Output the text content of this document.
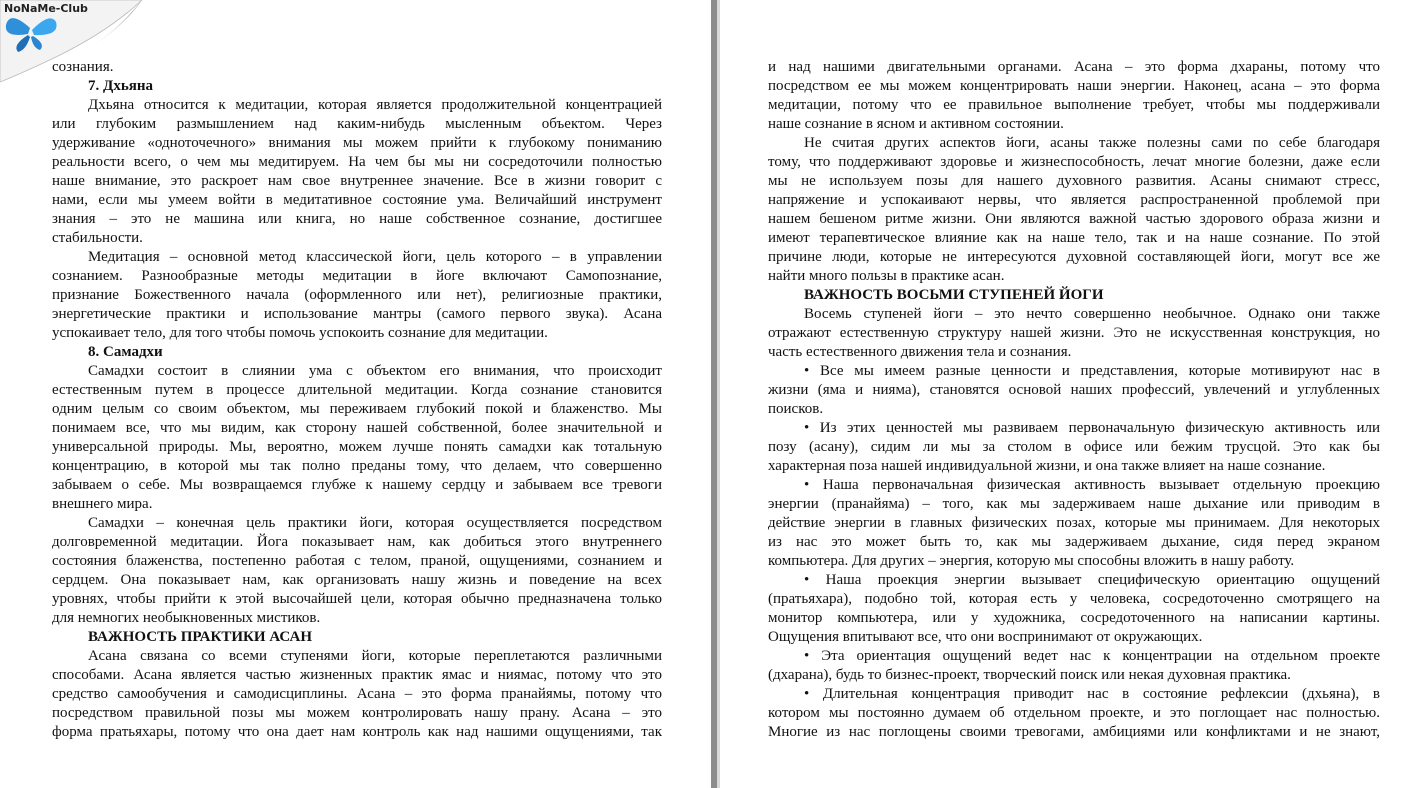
NoNaMe-Club
сознания.
7. Дхьяна
Дхьяна относится к медитации, которая является продолжительной концентрацией
или глубоким размышлением над каким-нибудь мысленным объектом. Через
удерживание «одноточечного» внимания мы можем прийти к глубокому пониманию
реальности всего, о чем мы медитируем. На чем бы мы ни сосредоточили полностью
наше внимание, это раскроет нам свое внутреннее значение. Все в жизни говорит с
нами, если мы умеем войти в медитативное состояние ума. Величайший инструмент
знания – это не машина или книга, но наше собственное сознание, достигшее
стабильности.
Медитация – основной метод классической йоги, цель которого – в управлении
сознанием. Разнообразные методы медитации в йоге включают Самопознание,
признание Божественного начала (оформленного или нет), религиозные практики,
энергетические практики и использование мантры (самого первого звука). Асана
успокаивает тело, для того чтобы помочь успокоить сознание для медитации.
8. Самадхи
Самадхи состоит в слиянии ума с объектом его внимания, что происходит
естественным путем в процессе длительной медитации. Когда сознание становится
одним целым со своим объектом, мы переживаем глубокий покой и блаженство. Мы
понимаем все, что мы видим, как сторону нашей собственной, более значительной и
универсальной природы. Мы, вероятно, можем лучше понять самадхи как тотальную
концентрацию, в которой мы так полно преданы тому, что делаем, что совершенно
забываем о себе. Мы возвращаемся глубже к нашему сердцу и забываем все тревоги
внешнего мира.
Самадхи – конечная цель практики йоги, которая осуществляется посредством
долговременной медитации. Йога показывает нам, как добиться этого внутреннего
состояния блаженства, постепенно работая с телом, праной, ощущениями, сознанием и
сердцем. Она показывает нам, как организовать нашу жизнь и поведение на всех
уровнях, чтобы прийти к этой высочайшей цели, которая обычно предназначена только
для немногих необыкновенных мистиков.
ВАЖНОСТЬ ПРАКТИКИ АСАН
Асана связана со всеми ступенями йоги, которые переплетаются различными
способами. Асана является частью жизненных практик ямас и ниямас, потому что это
средство самообучения и самодисциплины. Асана – это форма пранайямы, потому что
посредством правильной позы мы можем контролировать нашу прану. Асана – это
форма пратьяхары, потому что она дает нам контроль как над нашими ощущениями, так
и над нашими двигательными органами. Асана – это форма дхараны, потому что
посредством ее мы можем концентрировать наши энергии. Наконец, асана – это форма
медитации, потому что ее правильное выполнение требует, чтобы мы поддерживали
наше сознание в ясном и активном состоянии.
Не считая других аспектов йоги, асаны также полезны сами по себе благодаря
тому, что поддерживают здоровье и жизнеспособность, лечат многие болезни, даже если
мы не используем позы для нашего духовного развития. Асаны снимают стресс,
напряжение и успокаивают нервы, что является распространенной проблемой при
нашем бешеном ритме жизни. Они являются важной частью здорового образа жизни и
имеют терапевтическое влияние как на наше тело, так и на наше сознание. По этой
причине люди, которые не интересуются духовной составляющей йоги, могут все же
найти много пользы в практике асан.
ВАЖНОСТЬ ВОСЬМИ СТУПЕНЕЙ ЙОГИ
Восемь ступеней йоги – это нечто совершенно необычное. Однако они также
отражают естественную структуру нашей жизни. Это не искусственная конструкция, но
часть естественного движения тела и сознания.
• Все мы имеем разные ценности и представления, которые мотивируют нас в
жизни (яма и нияма), становятся основой наших профессий, увлечений и углубленных
поисков.
• Из этих ценностей мы развиваем первоначальную физическую активность или
позу (асану), сидим ли мы за столом в офисе или бежим трусцой. Это как бы
характерная поза нашей индивидуальной жизни, и она также влияет на наше сознание.
• Наша первоначальная физическая активность вызывает отдельную проекцию
энергии (пранайяма) – того, как мы задерживаем наше дыхание или приводим в
действие энергии в главных физических позах, которые мы принимаем. Для некоторых
из нас это может быть то, как мы задерживаем дыхание, сидя перед экраном
компьютера. Для других – энергия, которую мы способны вложить в нашу работу.
• Наша проекция энергии вызывает специфическую ориентацию ощущений
(пратьяхара), подобно той, которая есть у человека, сосредоточенно смотрящего на
монитор компьютера, или у художника, сосредоточенного на написании картины.
Ощущения впитывают все, что они воспринимают от окружающих.
• Эта ориентация ощущений ведет нас к концентрации на отдельном проекте
(дхарана), будь то бизнес-проект, творческий поиск или некая духовная практика.
• Длительная концентрация приводит нас в состояние рефлексии (дхьяна), в
котором мы постоянно думаем об отдельном проекте, и это поглощает нас полностью.
Многие из нас поглощены своими тревогами, амбициями или конфликтами и не знают,
